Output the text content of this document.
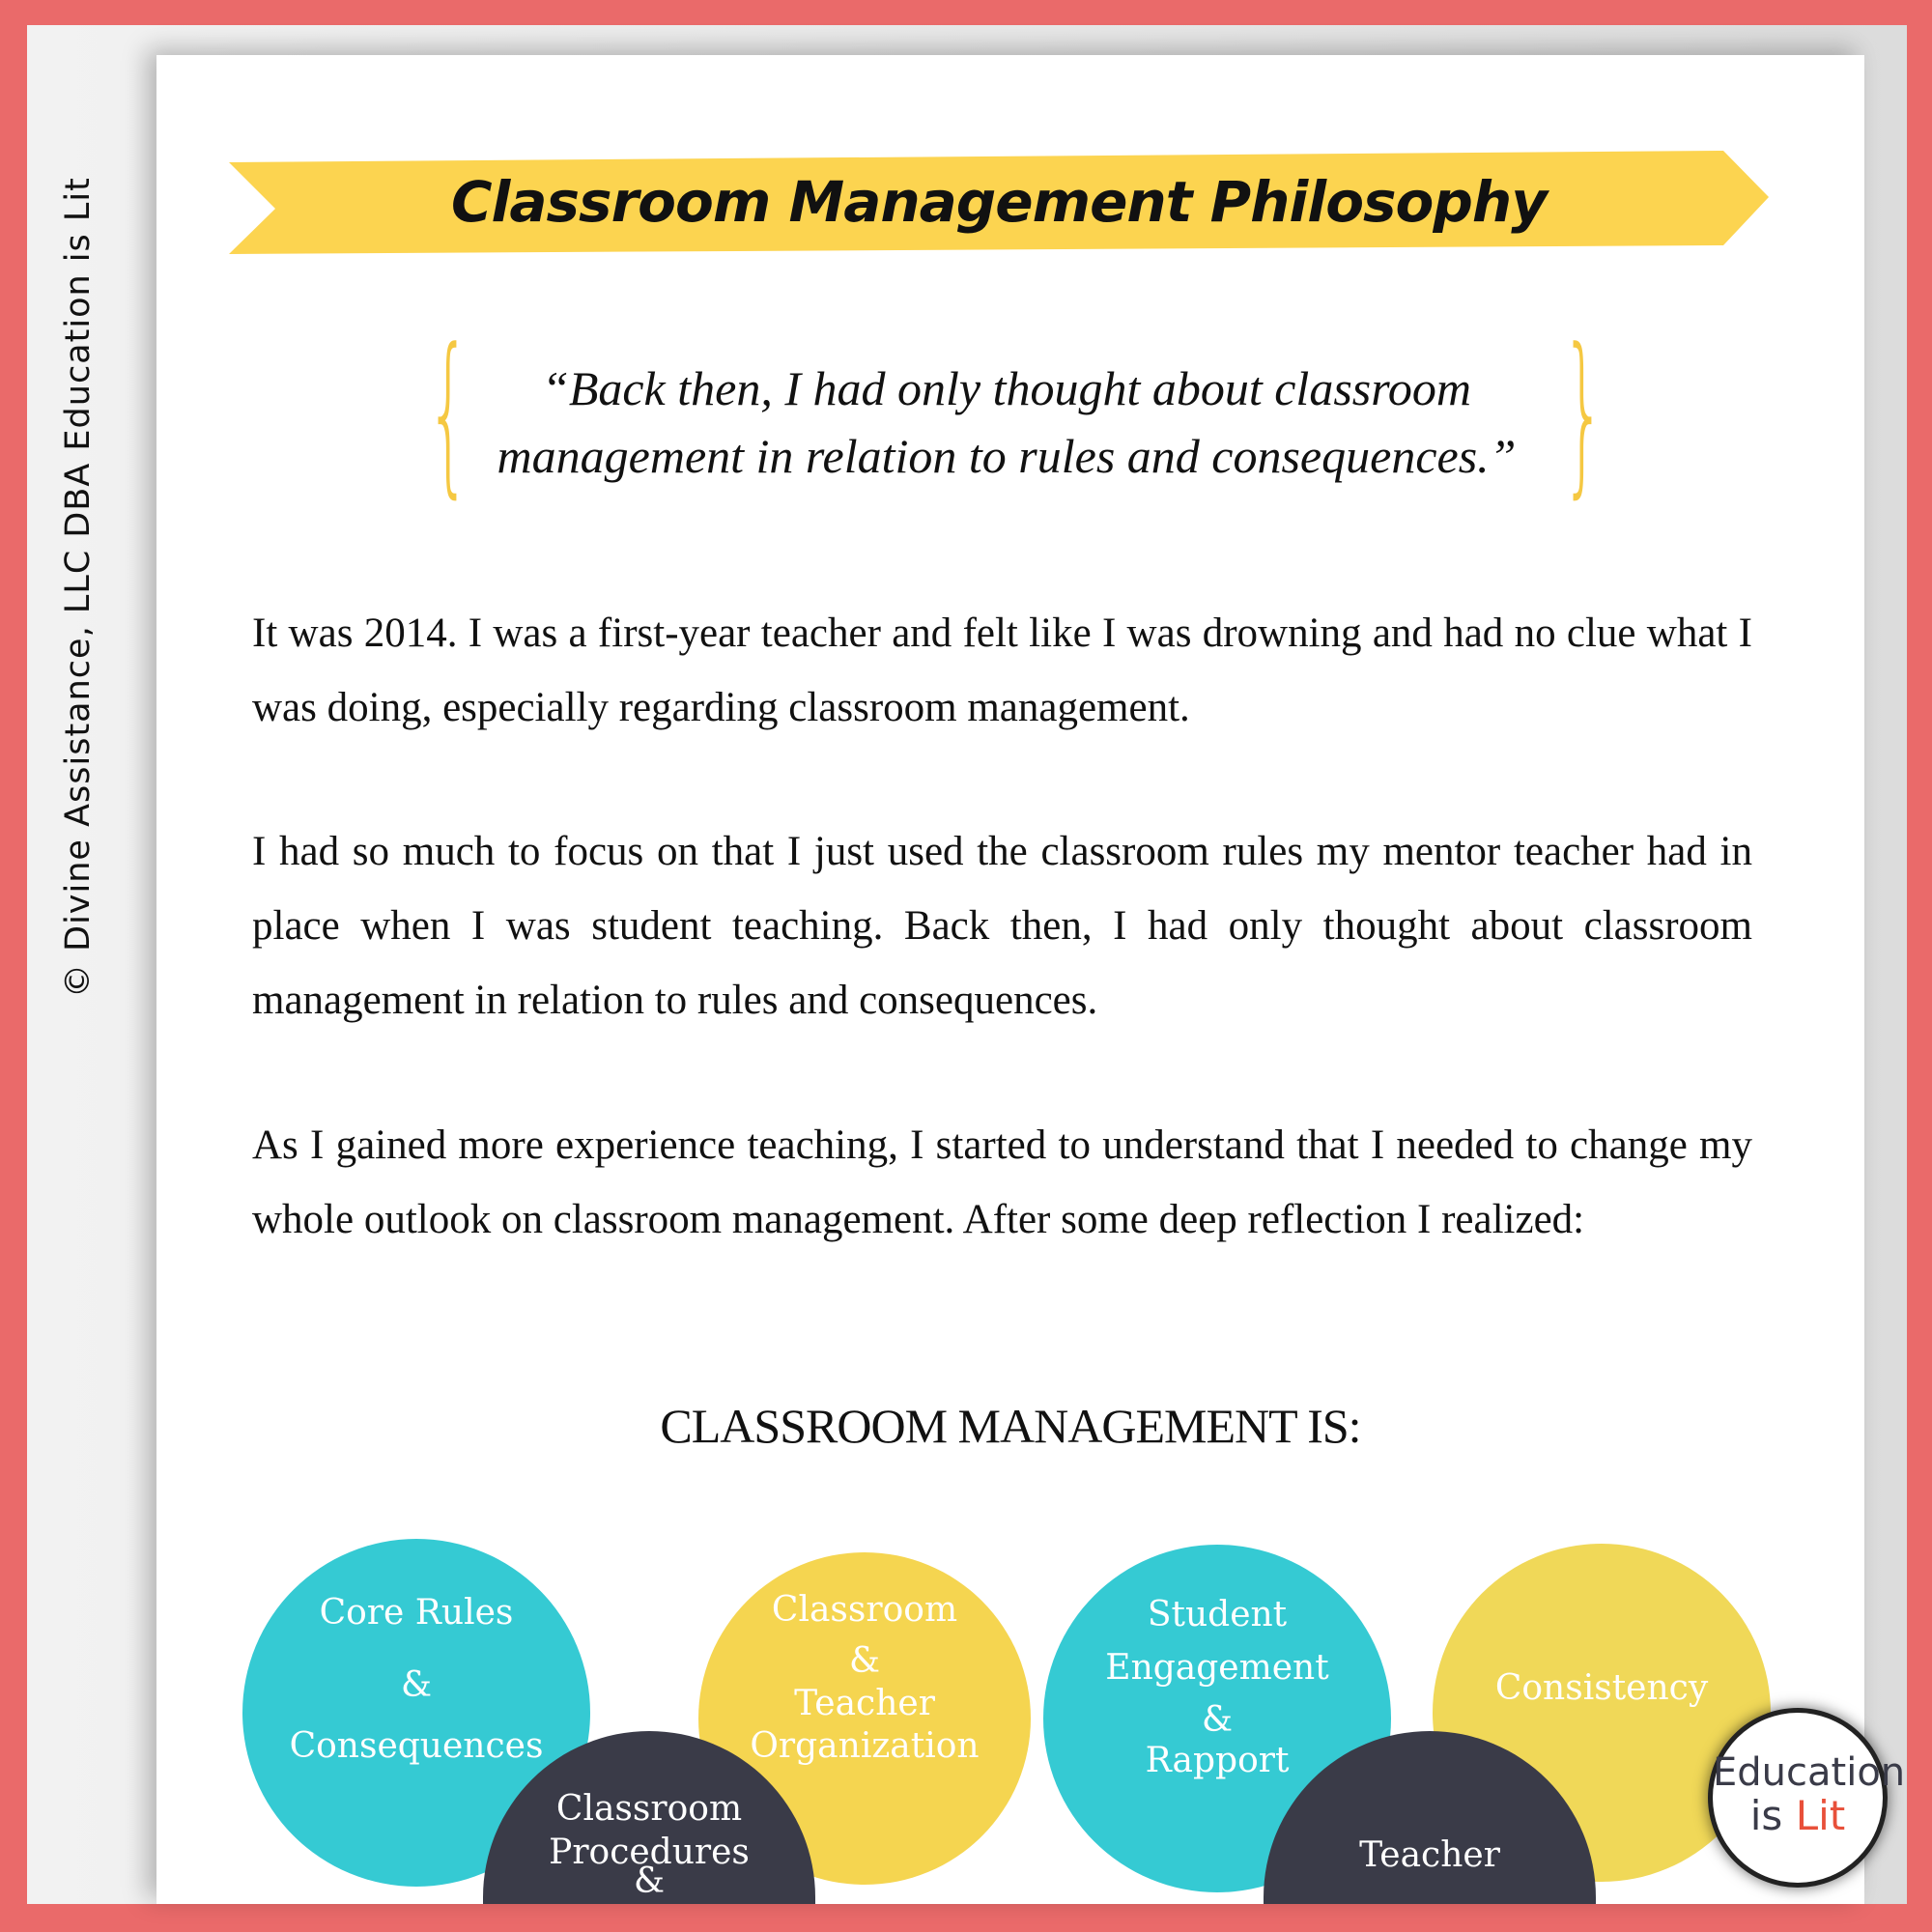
Classroom Management Philosophy
{	}
“Back then, I had only thought about classroom
management in relation to rules and consequences.”
It was 2014. I was a first-year teacher and felt like I was drowning and had no clue what I was doing, especially regarding classroom management.
I had so much to focus on that I just used the classroom rules my mentor teacher had in place when I was student teaching. Back then, I had only thought about classroom management in relation to rules and consequences.
As I gained more experience teaching, I started to understand that I needed to change my whole outlook on classroom management. After some deep reflection I realized:
CLASSROOM MANAGEMENT IS:
Core Rules
&
Consequences
Classroom
&
Teacher
Organization
Student
Engagement
&
Rapport
Consistency
Classroom
Procedures
&
Teacher
Education
is Lit
© Divine Assistance, LLC DBA Education is Lit
